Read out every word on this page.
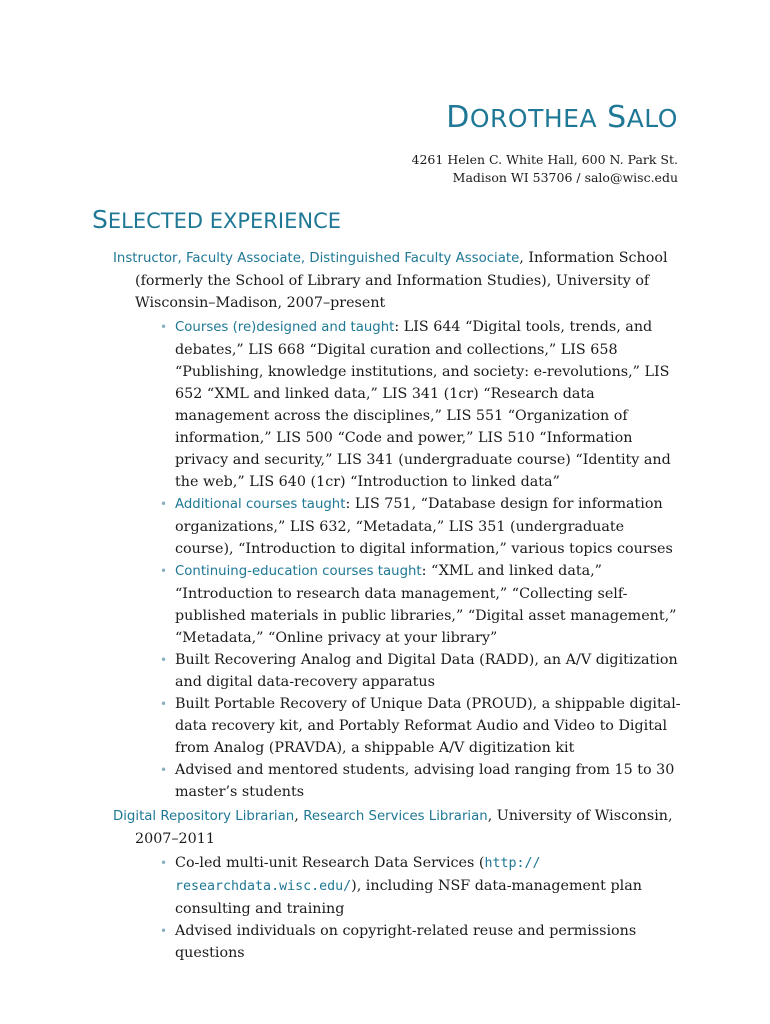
DOROTHEA SALO
4261 Helen C. White Hall, 600 N. Park St.
Madison WI 53706 / salo@wisc.edu
SELECTED EXPERIENCE
Instructor, Faculty Associate, Distinguished Faculty Associate, Information School (formerly the School of Library and Information Studies), University of Wisconsin–Madison, 2007–present
• Courses (re)designed and taught: LIS 644 “Digital tools, trends, and debates,” LIS 668 “Digital curation and collections,” LIS 658 “Publishing, knowledge institutions, and society: e-revolutions,” LIS 652 “XML and linked data,” LIS 341 (1cr) “Research data management across the disciplines,” LIS 551 “Organization of information,” LIS 500 “Code and power,” LIS 510 “Information privacy and security,” LIS 341 (undergraduate course) “Identity and the web,” LIS 640 (1cr) “Introduction to linked data”
• Additional courses taught: LIS 751, “Database design for information organizations,” LIS 632, “Metadata,” LIS 351 (undergraduate course), “Introduction to digital information,” various topics courses
• Continuing-education courses taught: “XML and linked data,” “Introduction to research data management,” “Collecting self-published materials in public libraries,” “Digital asset management,” “Metadata,” “Online privacy at your library”
• Built Recovering Analog and Digital Data (RADD), an A/V digitization and digital data-recovery apparatus
• Built Portable Recovery of Unique Data (PROUD), a shippable digital-data recovery kit, and Portably Reformat Audio and Video to Digital from Analog (PRAVDA), a shippable A/V digitization kit
• Advised and mentored students, advising load ranging from 15 to 30 master’s students
Digital Repository Librarian, Research Services Librarian, University of Wisconsin, 2007–2011
• Co-led multi-unit Research Data Services (http:// researchdata.wisc.edu/), including NSF data-management plan consulting and training
• Advised individuals on copyright-related reuse and permissions questions
